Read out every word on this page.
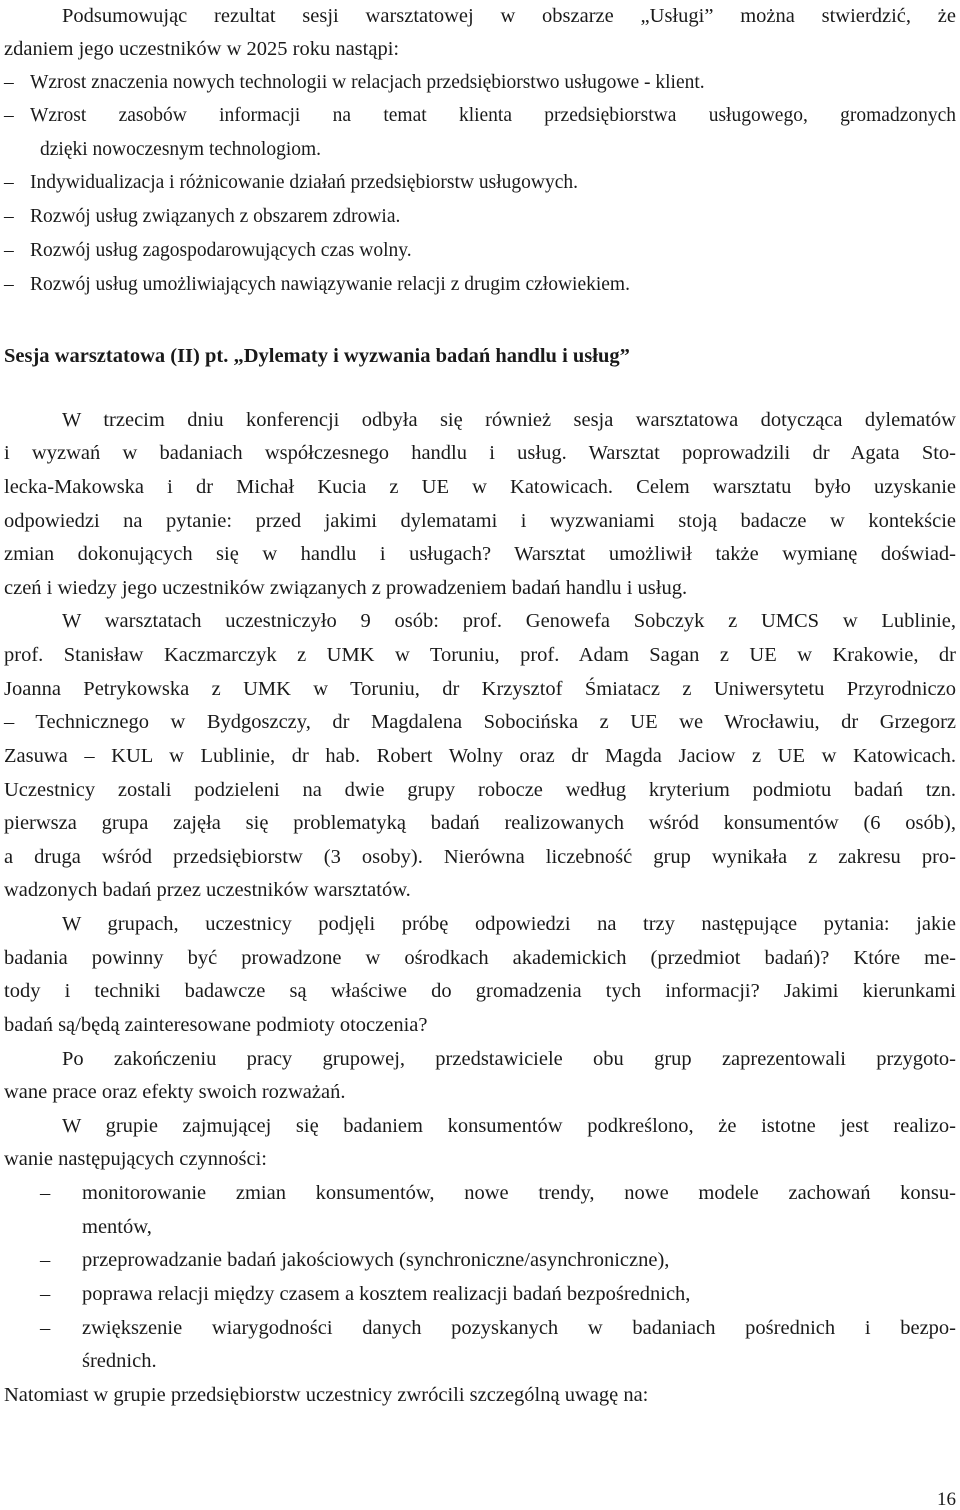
Podsumowując rezultat sesji warsztatowej w obszarze „Usługi” można stwierdzić, że

zdaniem jego uczestników w 2025 roku nastąpi:

– Wzrost znaczenia nowych technologii w relacjach przedsiębiorstwo usługowe - klient.

– Wzrost zasobów informacji na temat klienta przedsiębiorstwa usługowego, gromadzonych

dzięki nowoczesnym technologiom.

– Indywidualizacja i różnicowanie działań przedsiębiorstw usługowych.

– Rozwój usług związanych z obszarem zdrowia.

– Rozwój usług zagospodarowujących czas wolny.

– Rozwój usług umożliwiających nawiązywanie relacji z drugim człowiekiem.

Sesja warsztatowa (II) pt. „Dylematy i wyzwania badań handlu i usług”

W trzecim dniu konferencji odbyła się również sesja warsztatowa dotycząca dylematów

i wyzwań w badaniach współczesnego handlu i usług. Warsztat poprowadzili dr Agata Sto-

lecka-Makowska i dr Michał Kucia z UE w Katowicach. Celem warsztatu było uzyskanie

odpowiedzi na pytanie: przed jakimi dylematami i wyzwaniami stoją badacze w kontekście

zmian dokonujących się w handlu i usługach? Warsztat umożliwił także wymianę doświad-

czeń i wiedzy jego uczestników związanych z prowadzeniem badań handlu i usług.

W warsztatach uczestniczyło 9 osób: prof. Genowefa Sobczyk z UMCS w Lublinie,

prof. Stanisław Kaczmarczyk z UMK w Toruniu, prof. Adam Sagan z UE w Krakowie, dr

Joanna Petrykowska z UMK w Toruniu, dr Krzysztof Śmiatacz z Uniwersytetu Przyrodniczo

– Technicznego w Bydgoszczy, dr Magdalena Sobocińska z UE we Wrocławiu, dr Grzegorz

Zasuwa – KUL w Lublinie, dr hab. Robert Wolny oraz dr Magda Jaciow z UE w Katowicach.

Uczestnicy zostali podzieleni na dwie grupy robocze według kryterium podmiotu badań tzn.

pierwsza grupa zajęła się problematyką badań realizowanych wśród konsumentów (6 osób),

a druga wśród przedsiębiorstw (3 osoby). Nierówna liczebność grup wynikała z zakresu pro-

wadzonych badań przez uczestników warsztatów.

W grupach, uczestnicy podjęli próbę odpowiedzi na trzy następujące pytania: jakie

badania powinny być prowadzone w ośrodkach akademickich (przedmiot badań)? Które me-

tody i techniki badawcze są właściwe do gromadzenia tych informacji? Jakimi kierunkami

badań są/będą zainteresowane podmioty otoczenia?

Po zakończeniu pracy grupowej, przedstawiciele obu grup zaprezentowali przygoto-

wane prace oraz efekty swoich rozważań.

W grupie zajmującej się badaniem konsumentów podkreślono, że istotne jest realizo-

wanie następujących czynności:

– monitorowanie zmian konsumentów, nowe trendy, nowe modele zachowań konsu-

mentów,

– przeprowadzanie badań jakościowych (synchroniczne/asynchroniczne),

– poprawa relacji między czasem a kosztem realizacji badań bezpośrednich,

– zwiększenie wiarygodności danych pozyskanych w badaniach pośrednich i bezpo-

średnich.

Natomiast w grupie przedsiębiorstw uczestnicy zwrócili szczególną uwagę na:

16
